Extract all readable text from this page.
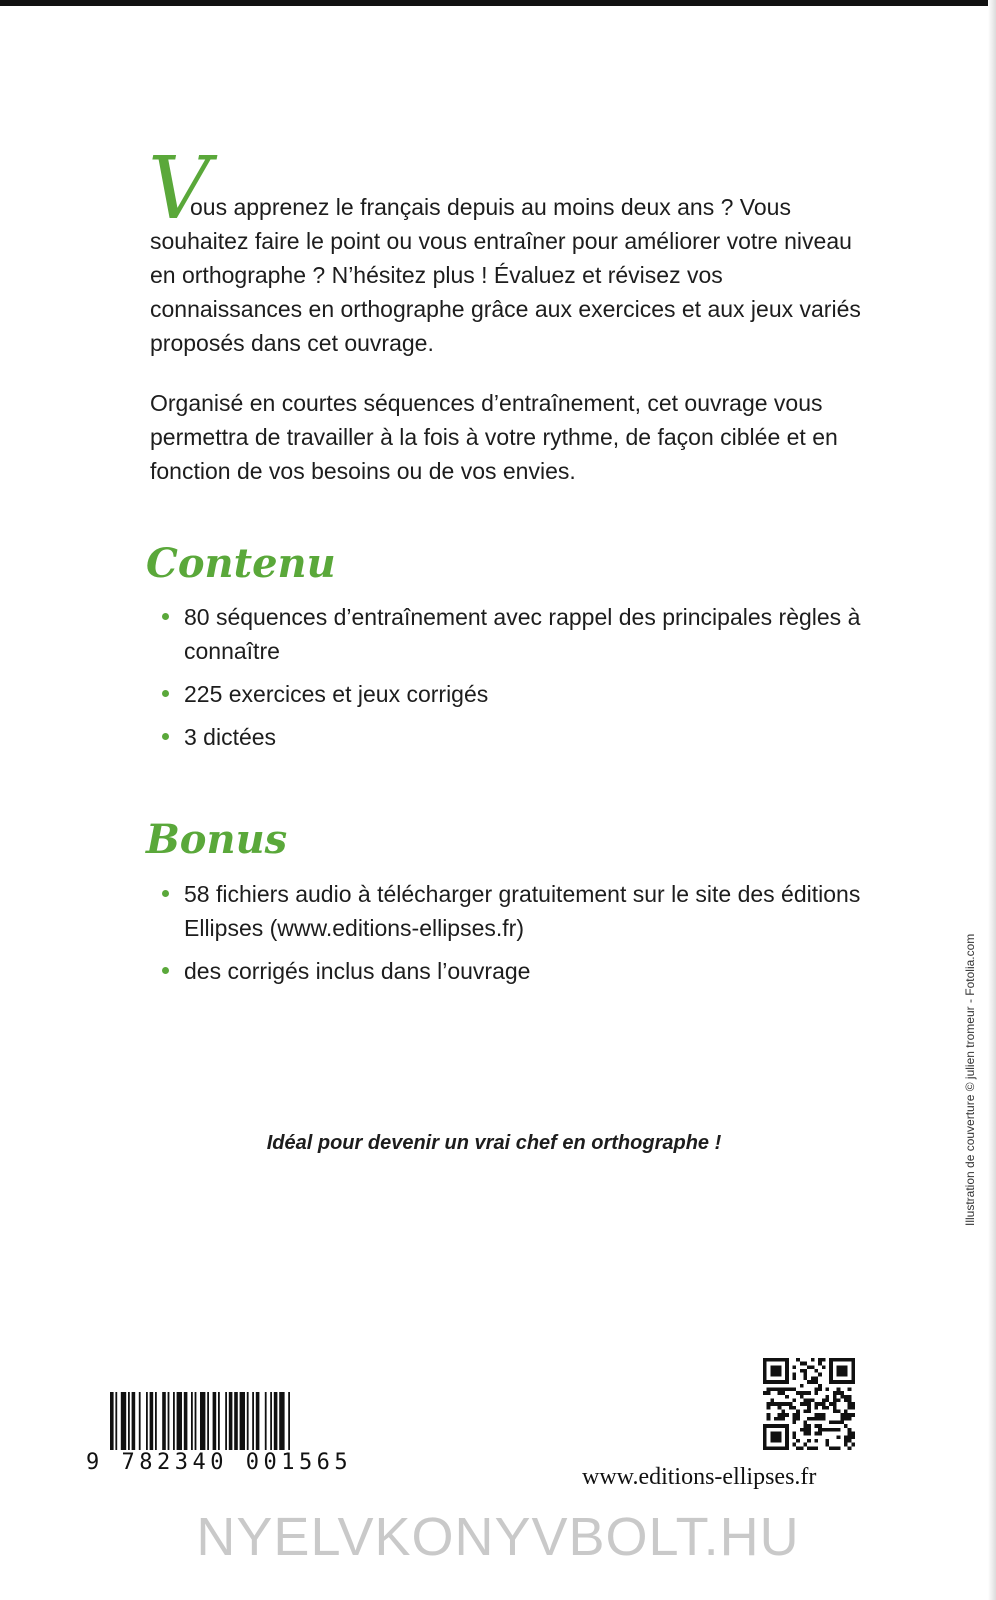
V

ous apprenez le français depuis au moins deux ans ? Vous souhaitez faire le point ou vous entraîner pour améliorer votre niveau en orthographe ? N’hésitez plus ! Évaluez et révisez vos connaissances en orthographe grâce aux exercices et aux jeux variés proposés dans cet ouvrage.

Organisé en courtes séquences d’entraînement, cet ouvrage vous permettra de travailler à la fois à votre rythme, de façon ciblée et en fonction de vos besoins ou de vos envies.

Contenu
80 séquences d’entraînement avec rappel des principales règles à connaître
225 exercices et jeux corrigés
3 dictées
Bonus
58 fichiers audio à télécharger gratuitement sur le site des éditions Ellipses (www.editions-ellipses.fr)
des corrigés inclus dans l’ouvrage
Idéal pour devenir un vrai chef en orthographe !	Illustration de couverture © julien tromeur - Fotolia.com
9 782340 001565
www.editions-ellipses.fr
NYELVKONYVBOLT.HU
